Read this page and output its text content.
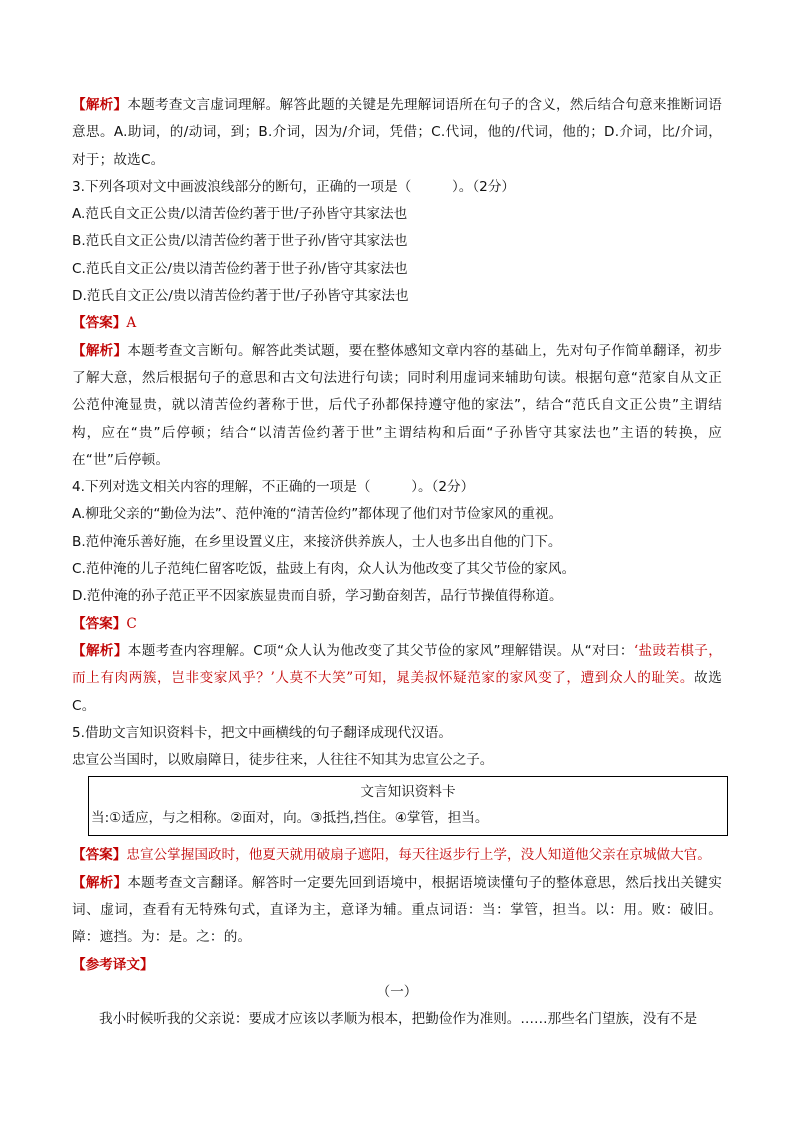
【解析】本题考查文言虚词理解。解答此题的关键是先理解词语所在句子的含义，然后结合句意来推断词语意思。A.助词，的/动词，到；B.介词，因为/介词，凭借；C.代词，他的/代词，他的；D.介词，比/介词，对于；故选C。

3.下列各项对文中画波浪线部分的断句，正确的一项是（　　　）。（2分）

A.范氏自文正公贵/以清苦俭约著于世/子孙皆守其家法也

B.范氏自文正公贵/以清苦俭约著于世子孙/皆守其家法也

C.范氏自文正公/贵以清苦俭约著于世子孙/皆守其家法也

D.范氏自文正公/贵以清苦俭约著于世/子孙皆守其家法也

【答案】A

【解析】本题考查文言断句。解答此类试题，要在整体感知文章内容的基础上，先对句子作简单翻译，初步了解大意，然后根据句子的意思和古文句法进行句读；同时利用虚词来辅助句读。根据句意“范家自从文正公范仲淹显贵，就以清苦俭约著称于世，后代子孙都保持遵守他的家法”，结合“范氏自文正公贵”主谓结构，应在“贵”后停顿；结合“以清苦俭约著于世”主谓结构和后面“子孙皆守其家法也”主语的转换，应在“世”后停顿。

4.下列对选文相关内容的理解，不正确的一项是（　　　）。（2分）

A.柳玭父亲的“勤俭为法”、范仲淹的“清苦俭约”都体现了他们对节俭家风的重视。

B.范仲淹乐善好施，在乡里设置义庄，来接济供养族人，士人也多出自他的门下。

C.范仲淹的儿子范纯仁留客吃饭，盐豉上有肉，众人认为他改变了其父节俭的家风。

D.范仲淹的孙子范正平不因家族显贵而自骄，学习勤奋刻苦，品行节操值得称道。

【答案】C

【解析】本题考查内容理解。C项“众人认为他改变了其父节俭的家风”理解错误。从“对曰：‘盐豉若棋子，而上有肉两簇，岂非变家风乎？’人莫不大笑”可知，晁美叔怀疑范家的家风变了，遭到众人的耻笑。故选C。

5.借助文言知识资料卡，把文中画横线的句子翻译成现代汉语。

忠宣公当国时，以败扇障日，徒步往来，人往往不知其为忠宣公之子。

文言知识资料卡
当:①适应，与之相称。②面对，向。③抵挡,挡住。④掌管，担当。

【答案】忠宣公掌握国政时，他夏天就用破扇子遮阳，每天往返步行上学，没人知道他父亲在京城做大官。

【解析】本题考查文言翻译。解答时一定要先回到语境中，根据语境读懂句子的整体意思，然后找出关键实词、虚词，查看有无特殊句式，直译为主，意译为辅。重点词语：当：掌管，担当。以：用。败：破旧。障：遮挡。为：是。之：的。

【参考译文】

（一）

我小时候听我的父亲说：要成才应该以孝顺为根本，把勤俭作为准则。……那些名门望族，没有不是
